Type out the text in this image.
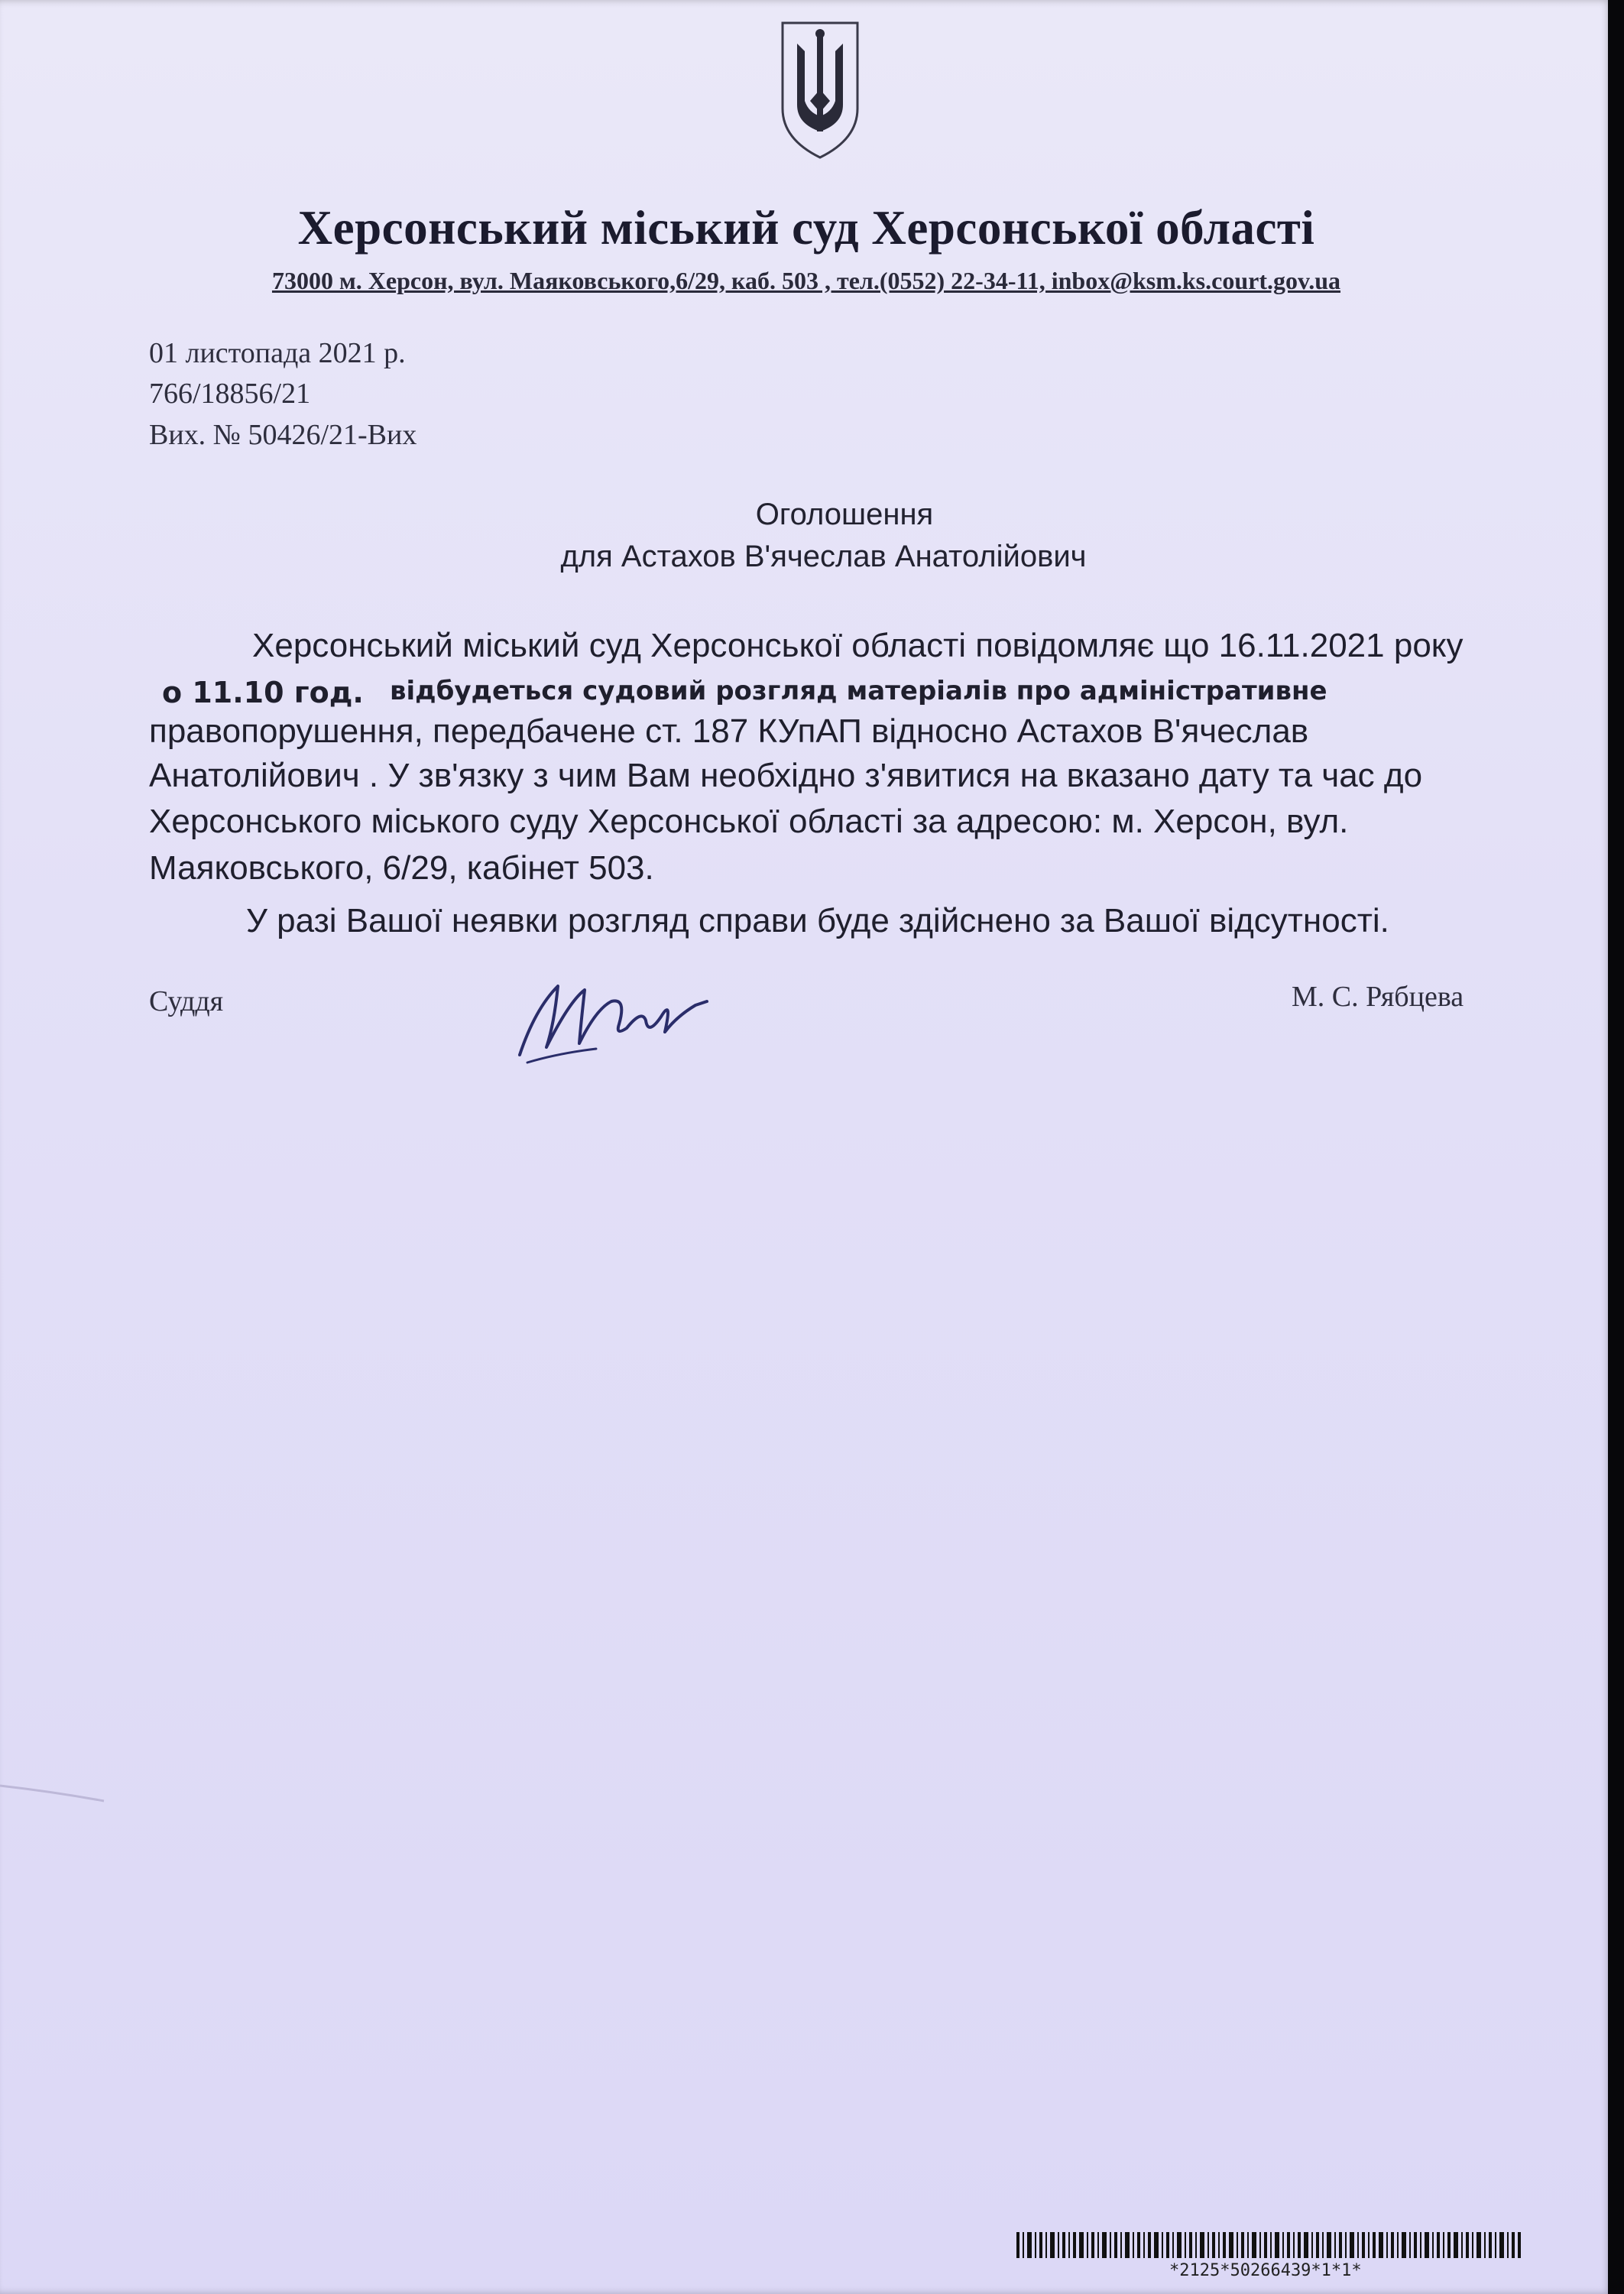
Херсонський міський суд Херсонської області
73000 м. Херсон, вул. Маяковського,6/29, каб. 503 , тел.(0552) 22-34-11, inbox@ksm.ks.court.gov.ua
01 листопада 2021 р.
766/18856/21
Вих. № 50426/21-Вих
Оголошення
для Астахов В'ячеслав Анатолійович
Херсонський міський суд Херсонської області повідомляє що 16.11.2021 року
о 11.10 год. відбудеться судовий розгляд матеріалів про адміністративне
правопорушення, передбачене ст. 187 КУпАП відносно Астахов В'ячеслав
Анатолійович . У зв'язку з чим Вам необхідно з'явитися на вказано дату та час до
Херсонського міського суду Херсонської області за адресою: м. Херсон, вул.
Маяковського, 6/29, кабінет 503.
У разі Вашої неявки розгляд справи буде здійснено за Вашої відсутності.
Суддя	М. С. Рябцева
*2125*50266439*1*1*
